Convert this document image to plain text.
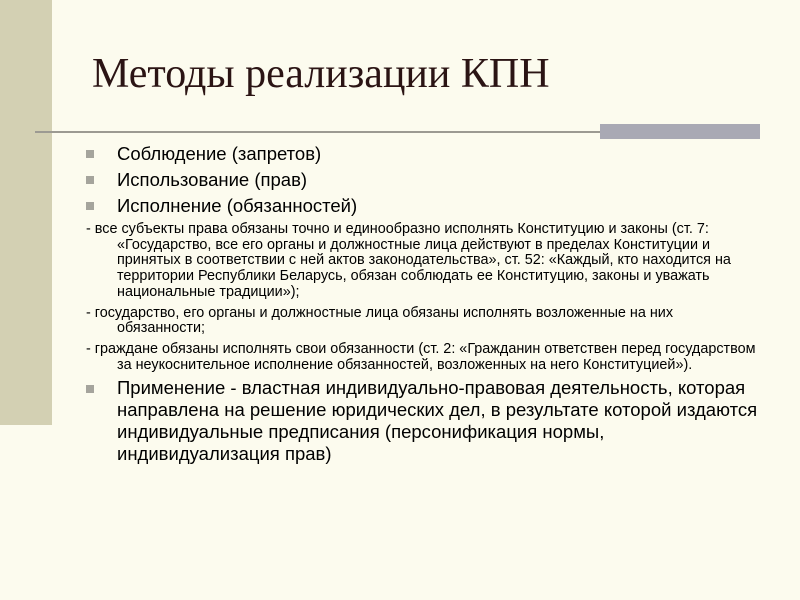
Методы реализации КПН
Соблюдение (запретов)
Использование (прав)
Исполнение (обязанностей)
- все субъекты права обязаны точно и единообразно исполнять Конституцию и законы (ст. 7: «Государство, все его органы и должностные лица действуют в пределах Конституции и принятых в соответствии с ней актов законодательства», ст. 52: «Каждый, кто находится на территории Республики Беларусь, обязан соблюдать ее Конституцию, законы и уважать национальные традиции»);
- государство, его органы и должностные лица обязаны исполнять возложенные на них обязанности;
- граждане обязаны исполнять свои обязанности (ст. 2: «Гражданин ответствен перед государством за неукоснительное исполнение обязанностей, возложенных на него Конституцией»).
Применение - властная индивидуально-правовая деятельность, которая направлена на решение юридических дел, в результате которой издаются индивидуальные предписания (персонификация нормы, индивидуализация прав)
